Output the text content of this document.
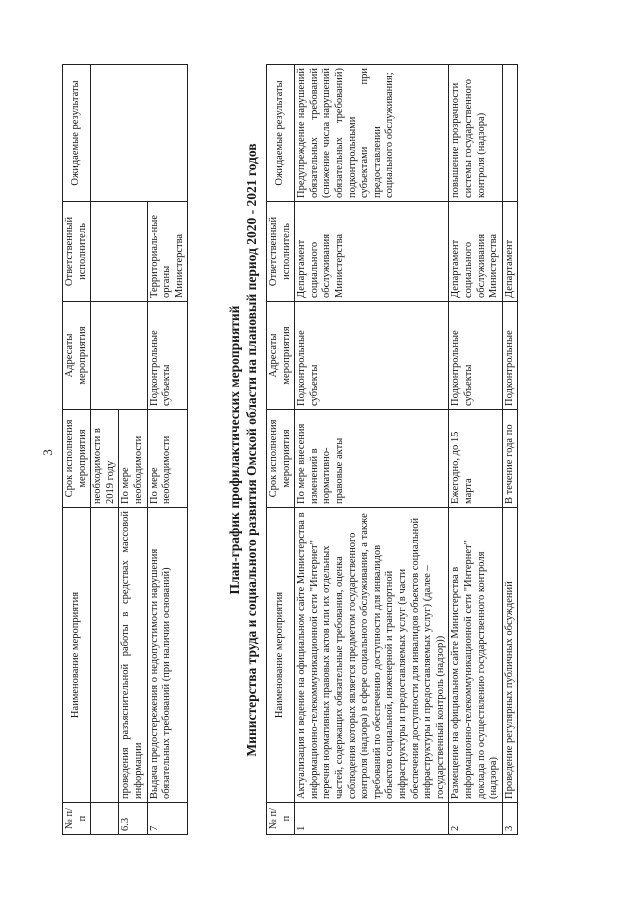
3
№ п/п	Наименование мероприятия	Срок исполнения мероприятия	Адресаты мероприятия	Ответственный исполнитель	Ожидаемые результаты
		необходимости в 2019 году			
6.3	проведения разъяснительной работы в средствах массовой информации	По мере необходимости			
7	Выдача предостережения о недопустимости нарушения обязательных требований (при наличии оснований)	По мере необходимости	Подконтрольные субъекты	Территориаль-ные органы Министерства	
План-график профилактических мероприятий Министерства труда и социального развития Омской области на плановый период 2020 - 2021 годов
№ п/п	Наименование мероприятия	Срок исполнения мероприятия	Адресаты мероприятия	Ответственный исполнитель	Ожидаемые результаты
1	Актуализация и ведение на официальном сайте Министерства в информационно-телекоммуникационной сети "Интернет" перечня нормативных правовых актов или их отдельных частей, содержащих обязательные требования, оценка соблюдения которых является предметом государственного контроля (надзора) в сфере социального обслуживания, а также требований по обеспечению доступности для инвалидов объектов социальной, инженерной и транспортной инфраструктуры и предоставляемых услуг (в части обеспечения доступности для инвалидов объектов социальной инфраструктуры и предоставляемых услуг) (далее – государственный контроль (надзор))	По мере внесения изменений в нормативно-правовые акты	Подконтрольные субъекты	Департамент социального обслуживания Министерства	Предупреждение нарушений обязательных требований (снижение числа нарушений обязательных требований) подконтрольными субъектами при предоставлении социального обслуживания;
2	Размещение на официальном сайте Министерства в информационно-телекоммуникационной сети "Интернет" доклада по осуществлению государственного контроля (надзора)	Ежегодно, до 15 марта	Подконтрольные субъекты	Департамент социального обслуживания Министерства	повышение прозрачности системы государственного контроля (надзора)
3	Проведение регулярных публичных обсуждений	В течение года по	Подконтрольные	Департамент	
